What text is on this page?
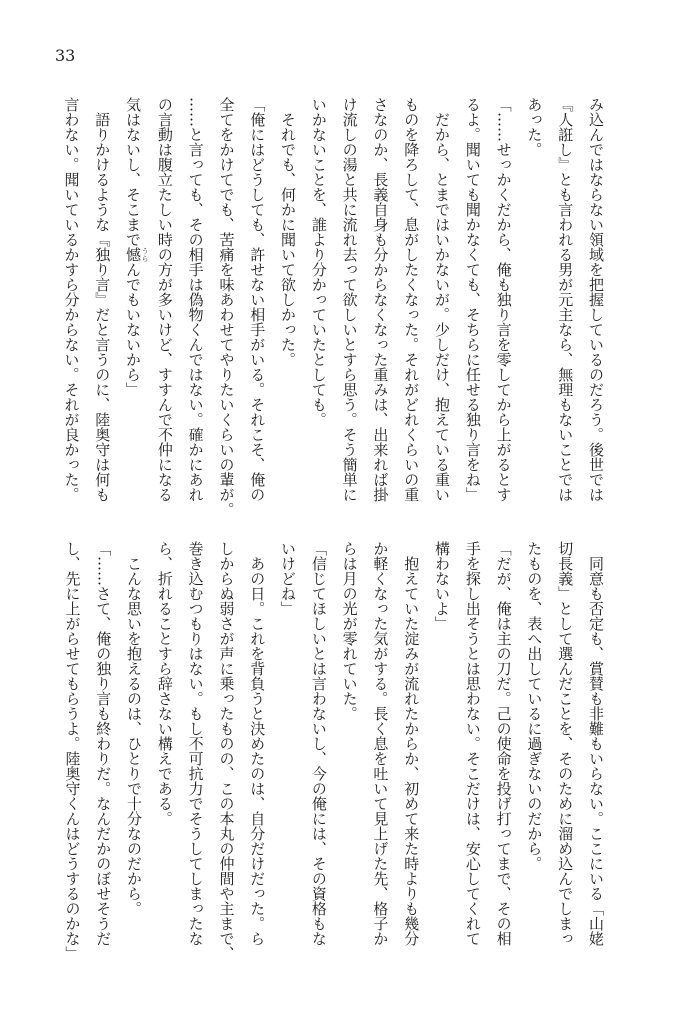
33
み込んではならない領域を把握しているのだろう。後世では
『人誑し』とも言われる男が元主なら、無理もないことでは
あった。
「……せっかくだから、俺も独り言を零してから上がるとす
るよ。聞いても聞かなくても、そちらに任せる独り言をね」
　だから、とまではいかないが。少しだけ、抱えている重い
ものを降ろして、息がしたくなった。それがどれくらいの重
さなのか、長義自身も分からなくなった重みは、出来れば掛
け流しの湯と共に流れ去って欲しいとすら思う。そう簡単に
いかないことを、誰より分かっていたとしても。
　それでも、何かに聞いて欲しかった。
「俺にはどうしても、許せない相手がいる。それこそ、俺の
全てをかけてでも、苦痛を味あわせてやりたいくらいの輩が。
……と言っても、その相手は偽物くんではない。確かにあれ
の言動は腹立たしい時の方が多いけど、すすんで不仲になる
気はないし、そこまで憾 うらんでもいないから」
　語りかけるような『独り言』だと言うのに、陸奥守は何も
言わない。聞いているかすら分からない。それが良かった。
　同意も否定も、賞賛も非難もいらない。ここにいる「山姥
切長義」として選んだことを、そのために溜め込んでしまっ
たものを、表へ出しているに過ぎないのだから。
「だが、俺は主の刀だ。己の使命を投げ打ってまで、その相
手を探し出そうとは思わない。そこだけは、安心してくれて
構わないよ」
　抱えていた淀みが流れたからか、初めて来た時よりも幾分
か軽くなった気がする。長く息を吐いて見上げた先、格子か
らは月の光が零れていた。
「信じてほしいとは言わないし、今の俺には、その資格もな
いけどね」
　あの日。これを背負うと決めたのは、自分だけだった。ら
しからぬ弱さが声に乗ったものの、この本丸の仲間や主まで、
巻き込むつもりはない。もし不可抗力でそうしてしまったな
ら、折れることすら辞さない構えである。
　こんな思いを抱えるのは、ひとりで十分なのだから。
「……さて、俺の独り言も終わりだ。なんだかのぼせそうだ
し、先に上がらせてもらうよ。陸奥守くんはどうするのかな」
